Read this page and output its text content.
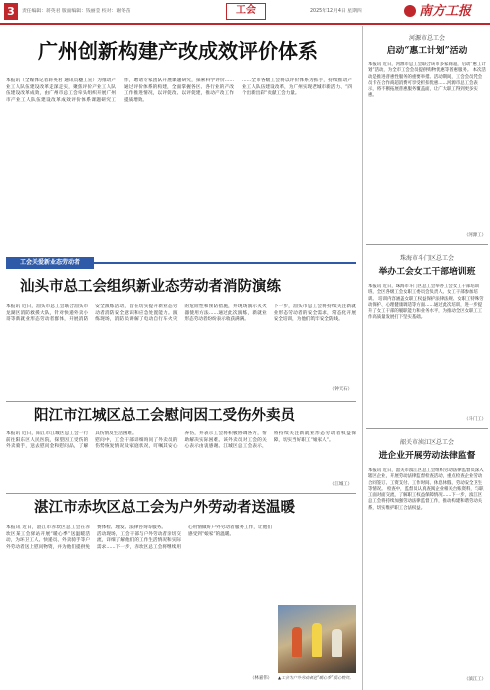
3	责任编辑：蒋英君 版面编辑：钱丽莹 校对：谢冬苗	工会	2025年12月4日 星期四	南方工报
广州创新构建产改成效评价体系
本报讯（全媒体记者蒋英君 通讯员穗工宣）为推动产业工人队伍建设改革走深走实，聚焦评价产业工人队伍建设改革成效，由广州市总工会牵头组织开展广州市产业工人队伍建设改革成效评价体系课题研究工作，聘请专家团队开展课题研究，探索科学评价……通过评价体系的构建，全面掌握各区、各行业的产改工作推进情况，以评促改、以评促建，推动产改工作提质增效。
……全市各级工会将以评价体系为抓手，持续推动产业工人队伍建设改革，为广州实现老城市新活力、“四个出新出彩”贡献工会力量。
工会关爱新业态劳动者
汕头市总工会组织新业态劳动者消防演练
本报讯 近日，汕头市总工会联合汕头市龙湖区消防救援大队，针对快递外卖小哥等新就业形态劳动者群体，开展消防安全演练活动，旨在切实提升新业态劳动者消防安全意识和应急处置能力。演练现场，消防员讲解了电动自行车火灾的危险性和预防措施，并现场演示灭火器使用方法……通过此次演练，新就业形态劳动者纷纷表示收获满满。
下一步，汕头市总工会将持续关注新就业形态劳动者的安全需求，常态化开展安全培训，为他们筑牢安全防线。
（钟天石）
阳江市江城区总工会慰问因工受伤外卖员
本报讯 近日，阳江市江城区总工会一行前往阳东区人民医院，探望因工受伤的外卖骑手，送去慰问金和慰问品，了解其伤情及生活困难。
慰问中，工会干部详细询问了外卖员的伤势恢复情况及家庭状况，叮嘱其安心养伤，并表示工会将积极协调各方，帮助解决实际困难。该外卖员对工会的关心表示由衷感谢。江城区总工会表示，将持续关注新就业形态劳动者权益保障，切实当好职工“娘家人”。
（江城工）
湛江市赤坎区总工会为户外劳动者送温暖
本报讯 近日，湛江市赤坎区总工会在赤坎区某工会驿站开展“暖心季”送温暖活动，为环卫工人、快递员、外卖骑手等户外劳动者送上慰问物资，并为他们提供免费体检、理发、法律咨询等服务。
活动现场，工会干部与户外劳动者亲切交流，详细了解他们的工作生活情况和实际需求……下一步，赤坎区总工会将继续用心用情做好户外劳动者服务工作，让他们感受到“娘家”的温暖。
▲工会为户外劳动者送“暖心季”爱心物资。
（林嘉伟）
河源市总工会
启动“惠工计划”活动
本报讯 近日，河源市总工会联合该市多家商超，启动“惠工计划”活动，为全市工会会员提供购物优惠等普惠服务。 本次活动是推进普惠性服务的重要举措。活动期间，工会会员凭会员卡在合作商超消费可享受折扣优惠……河源市总工会表示，将不断拓展普惠服务覆盖面，让广大职工得到更多实惠。
（河源工）
珠海市斗门区总工会
举办工会女工干部培训班
本报讯 近日，珠海市斗门区总工会举办工会女工干部培训班，全区各级工会女职工委员会负责人、女工干部参加培训。 培训内容涵盖女职工权益保护法律法规、女职工特殊劳动保护、心理健康调适等方面……通过此次培训，进一步提升了女工干部的履职能力和业务水平，为推动全区女职工工作高质量发展打下坚实基础。
（斗门工）
韶关市浈江区总工会
进企业开展劳动法律监督
本报讯 近日，韶关市浈江区总工会组织劳动法律监督员深入辖区企业，开展劳动法律监督检查活动，重点检查企业劳动合同签订、工资支付、工作时间、休息休假、劳动安全卫生等情况。 检查中，监督员认真查阅企业相关台账资料，与职工面对面交流，了解职工权益保障情况……下一步，浈江区总工会将持续加强劳动法律监督工作，推动构建和谐劳动关系，切实维护职工合法权益。
（浈江工）
